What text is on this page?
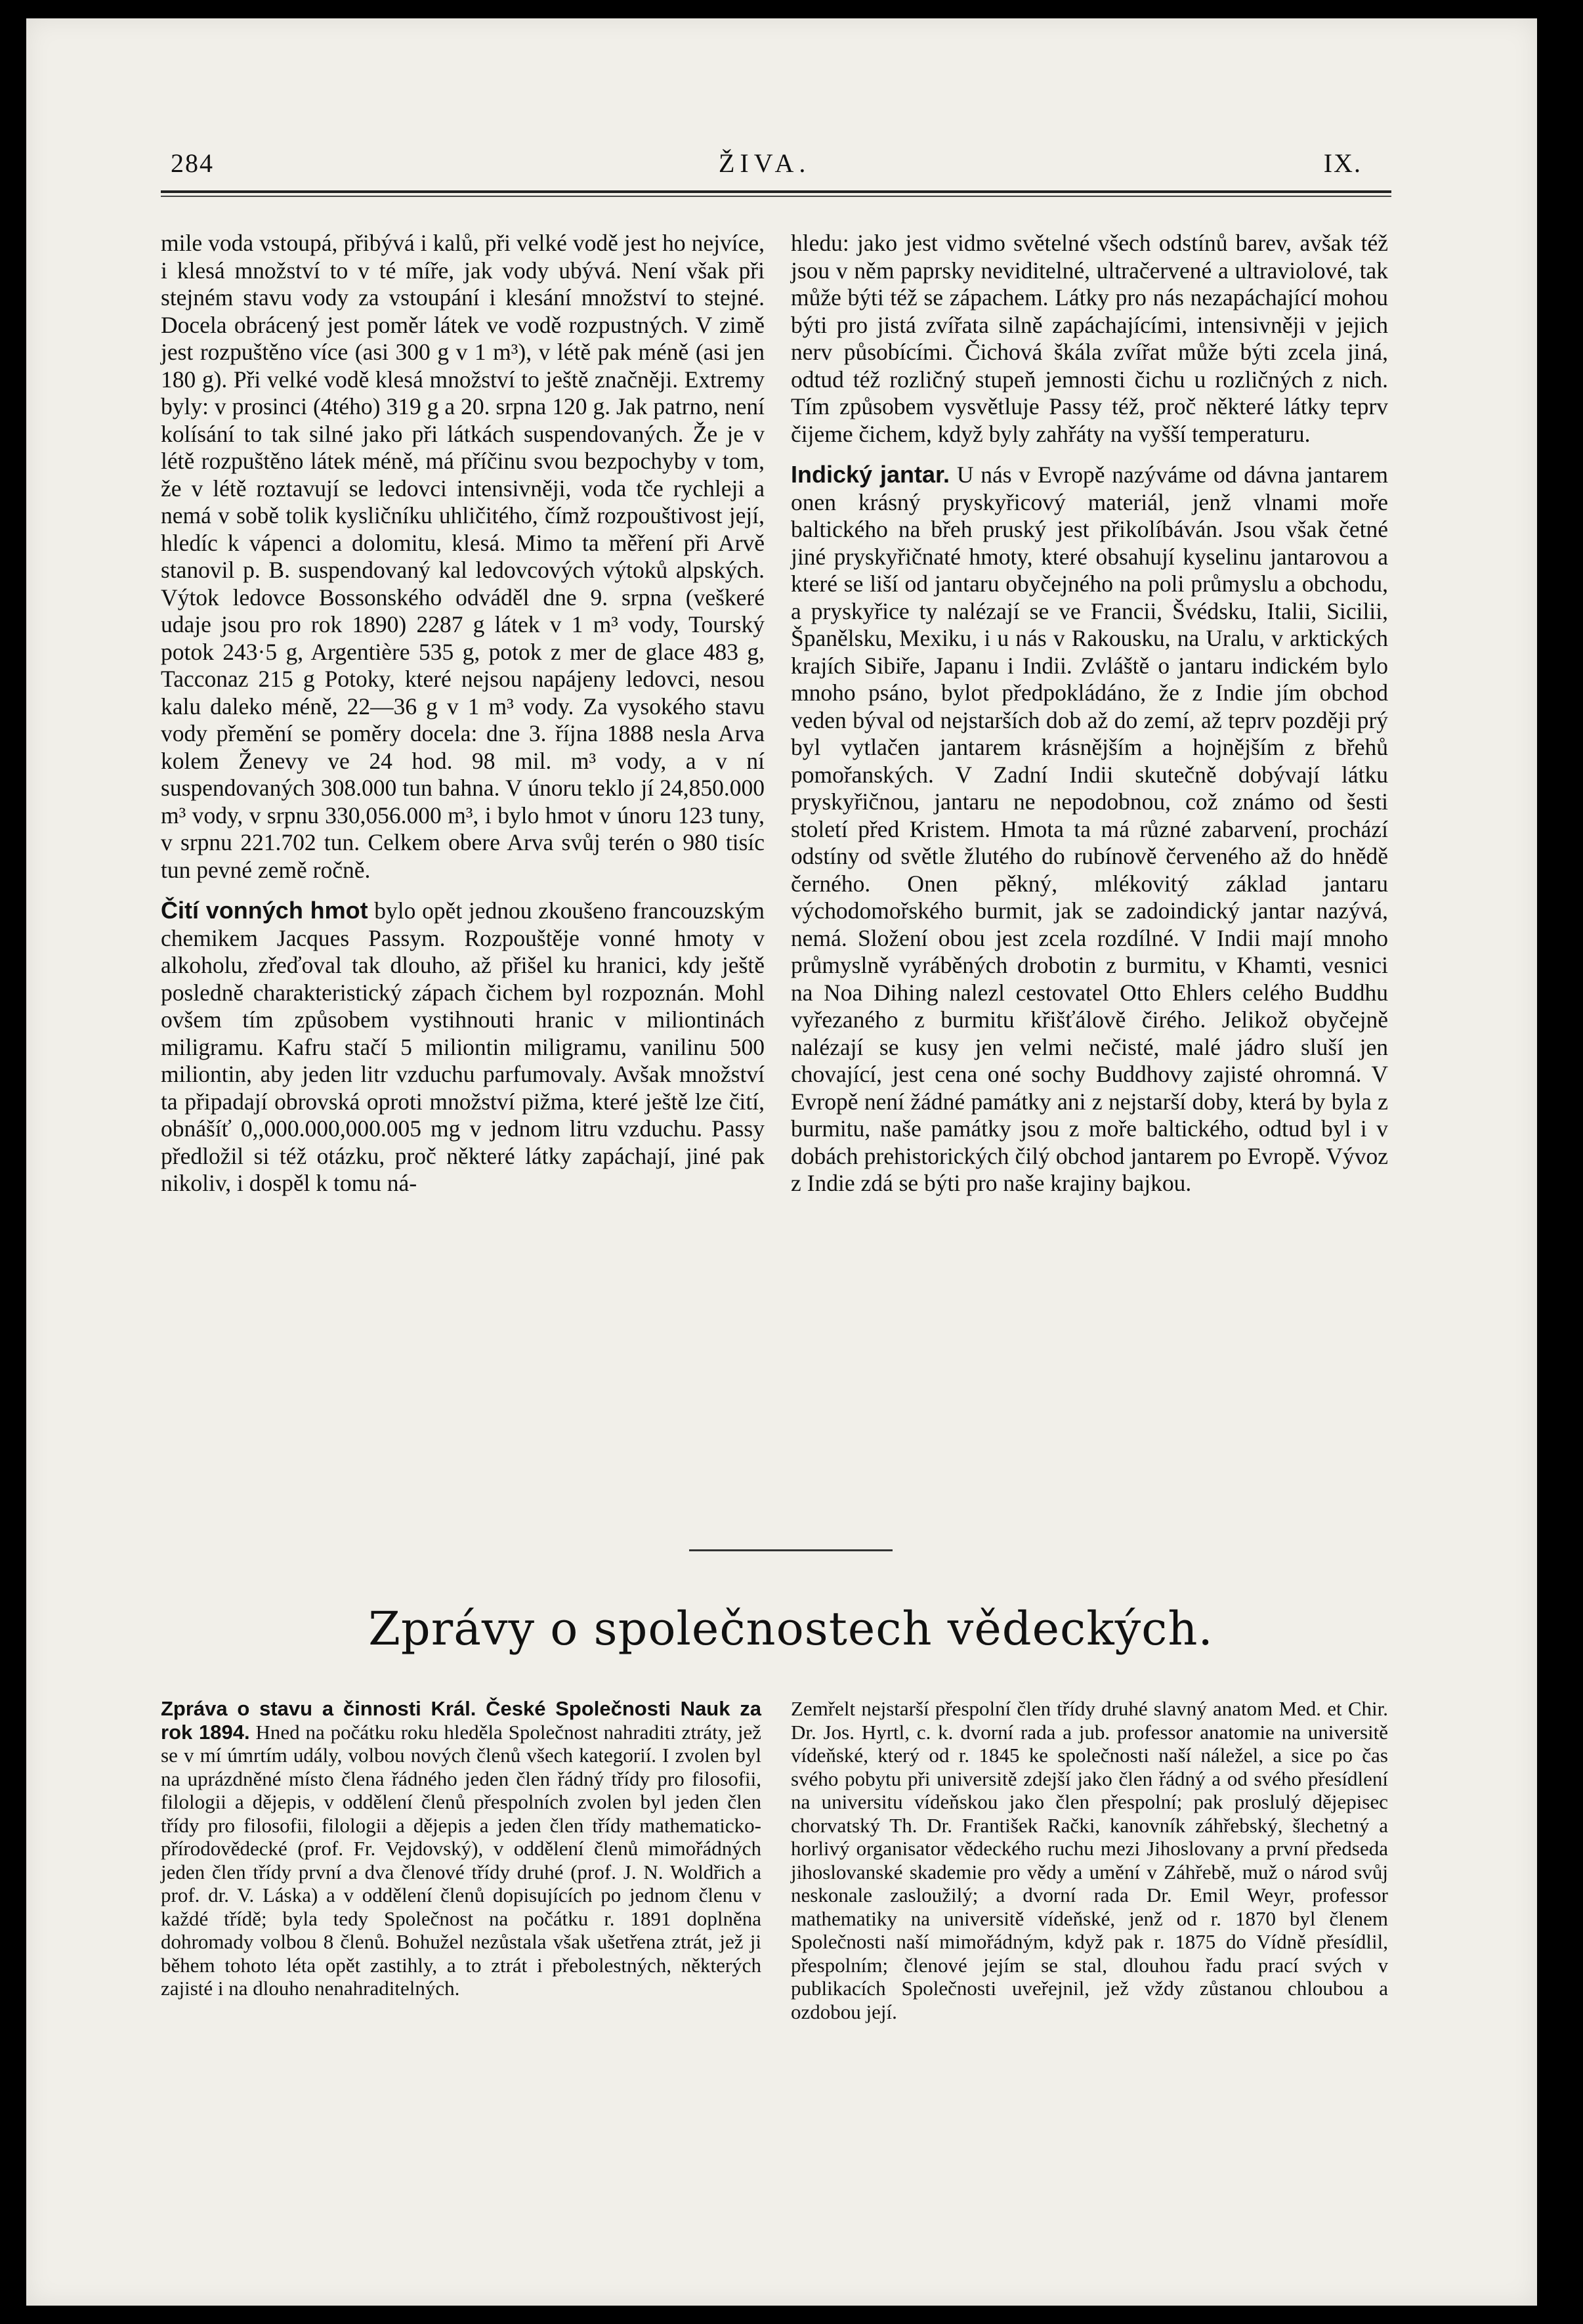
284	ŽIVA.	IX.

mile voda vstoupá, přibývá i kalů, při velké vodě jest ho nejvíce, i klesá množství to v té míře, jak vody ubývá. Není však při stejném stavu vody za vstoupání i klesání množství to stejné. Docela obrácený jest poměr látek ve vodě rozpustných. V zimě jest rozpuštěno více (asi 300 g v 1 m³), v létě pak méně (asi jen 180 g). Při velké vodě klesá množství to ještě značněji. Extremy byly: v prosinci (4tého) 319 g a 20. srpna 120 g. Jak patrno, není kolísání to tak silné jako při látkách suspendovaných. Že je v létě rozpuštěno látek méně, má příčinu svou bezpochyby v tom, že v létě roztavují se ledovci intensivněji, voda tče rychleji a nemá v sobě tolik kysličníku uhličitého, čímž rozpouštivost její, hledíc k vápenci a dolomitu, klesá. Mimo ta měření při Arvě stanovil p. B. suspendovaný kal ledovcových výtoků alpských. Výtok ledovce Bossonského odváděl dne 9. srpna (veškeré udaje jsou pro rok 1890) 2287 g látek v 1 m³ vody, Tourský potok 243·5 g, Argentière 535 g, potok z mer de glace 483 g, Tacconaz 215 g Potoky, které nejsou napájeny ledovci, nesou kalu daleko méně, 22—36 g v 1 m³ vody. Za vysokého stavu vody přemění se poměry docela: dne 3. října 1888 nesla Arva kolem Ženevy ve 24 hod. 98 mil. m³ vody, a v ní suspendovaných 308.000 tun bahna. V únoru teklo jí 24,850.000 m³ vody, v srpnu 330,056.000 m³, i bylo hmot v únoru 123 tuny, v srpnu 221.702 tun. Celkem obere Arva svůj terén o 980 tisíc tun pevné země ročně.

Čití vonných hmot bylo opět jednou zkoušeno francouzským chemikem Jacques Passym. Rozpouštěje vonné hmoty v alkoholu, zřeďoval tak dlouho, až přišel ku hranici, kdy ještě posledně charakteristický zápach čichem byl rozpoznán. Mohl ovšem tím způsobem vystihnouti hranic v miliontinách miligramu. Kafru stačí 5 miliontin miligramu, vanilinu 500 miliontin, aby jeden litr vzduchu parfumovaly. Avšak množství ta připadají obrovská oproti množství pižma, které ještě lze čití, obnášíť 0,,000.000,000.005 mg v jednom litru vzduchu. Passy předložil si též otázku, proč některé látky zapáchají, jiné pak nikoliv, i dospěl k tomu ná-

hledu: jako jest vidmo světelné všech odstínů barev, avšak též jsou v něm paprsky neviditelné, ultračervené a ultraviolové, tak může býti též se zápachem. Látky pro nás nezapáchající mohou býti pro jistá zvířata silně zapáchajícími, intensivněji v jejich nerv působícími. Čichová škála zvířat může býti zcela jiná, odtud též rozličný stupeň jemnosti čichu u rozličných z nich. Tím způsobem vysvětluje Passy též, proč některé látky teprv čijeme čichem, když byly zahřáty na vyšší temperaturu.

Indický jantar. U nás v Evropě nazýváme od dávna jantarem onen krásný pryskyřicový materiál, jenž vlnami moře baltického na břeh pruský jest přikolíbáván. Jsou však četné jiné pryskyřičnaté hmoty, které obsahují kyselinu jantarovou a které se liší od jantaru obyčejného na poli průmyslu a obchodu, a pryskyřice ty nalézají se ve Francii, Švédsku, Italii, Sicilii, Španělsku, Mexiku, i u nás v Rakousku, na Uralu, v arktických krajích Sibiře, Japanu i Indii. Zvláště o jantaru indickém bylo mnoho psáno, bylot předpokládáno, že z Indie jím obchod veden býval od nejstarších dob až do zemí, až teprv později prý byl vytlačen jantarem krásnějším a hojnějším z břehů pomořanských. V Zadní Indii skutečně dobývají látku pryskyřičnou, jantaru ne nepodobnou, což známo od šesti století před Kristem. Hmota ta má různé zabarvení, prochází odstíny od světle žlutého do rubínově červeného až do hnědě černého. Onen pěkný, mlékovitý základ jantaru východomořského burmit, jak se zadoindický jantar nazývá, nemá. Složení obou jest zcela rozdílné. V Indii mají mnoho průmyslně vyráběných drobotin z burmitu, v Khamti, vesnici na Noa Dihing nalezl cestovatel Otto Ehlers celého Buddhu vyřezaného z burmitu křišťálově čirého. Jelikož obyčejně nalézají se kusy jen velmi nečisté, malé jádro sluší jen chovající, jest cena oné sochy Buddhovy zajisté ohromná. V Evropě není žádné památky ani z nejstarší doby, která by byla z burmitu, naše památky jsou z moře baltického, odtud byl i v dobách prehistorických čilý obchod jantarem po Evropě. Vývoz z Indie zdá se býti pro naše krajiny bajkou.

Zprávy o společnostech vědeckých.

Zpráva o stavu a činnosti Král. České Společnosti Nauk za rok 1894. Hned na počátku roku hleděla Společnost nahraditi ztráty, jež se v mí úmrtím udály, volbou nových členů všech kategorií. I zvolen byl na uprázdněné místo člena řádného jeden člen řádný třídy pro filosofii, filologii a dějepis, v oddělení členů přespolních zvolen byl jeden člen třídy pro filosofii, filologii a dějepis a jeden člen třídy mathematicko-přírodovědecké (prof. Fr. Vejdovský), v oddělení členů mimořádných jeden člen třídy první a dva členové třídy druhé (prof. J. N. Woldřich a prof. dr. V. Láska) a v oddělení členů dopisujících po jednom členu v každé třídě; byla tedy Společnost na počátku r. 1891 doplněna dohromady volbou 8 členů. Bohužel nezůstala však ušetřena ztrát, jež ji během tohoto léta opět zastihly, a to ztrát i přebolestných, některých zajisté i na dlouho nenahraditelných.

Zemřelt nejstarší přespolní člen třídy druhé slavný anatom Med. et Chir. Dr. Jos. Hyrtl, c. k. dvorní rada a jub. professor anatomie na universitě vídeňské, který od r. 1845 ke společnosti naší náležel, a sice po čas svého pobytu při universitě zdejší jako člen řádný a od svého přesídlení na universitu vídeňskou jako člen přespolní; pak proslulý dějepisec chorvatský Th. Dr. František Rački, kanovník záhřebský, šlechetný a horlivý organisator vědeckého ruchu mezi Jihoslovany a první předseda jihoslovanské skademie pro vědy a umění v Záhřebě, muž o národ svůj neskonale zasloužilý; a dvorní rada Dr. Emil Weyr, professor mathematiky na universitě vídeňské, jenž od r. 1870 byl členem Společnosti naší mimořádným, když pak r. 1875 do Vídně přesídlil, přespolním; členové jejím se stal, dlouhou řadu prací svých v publikacích Společnosti uveřejnil, jež vždy zůstanou chloubou a ozdobou její.
